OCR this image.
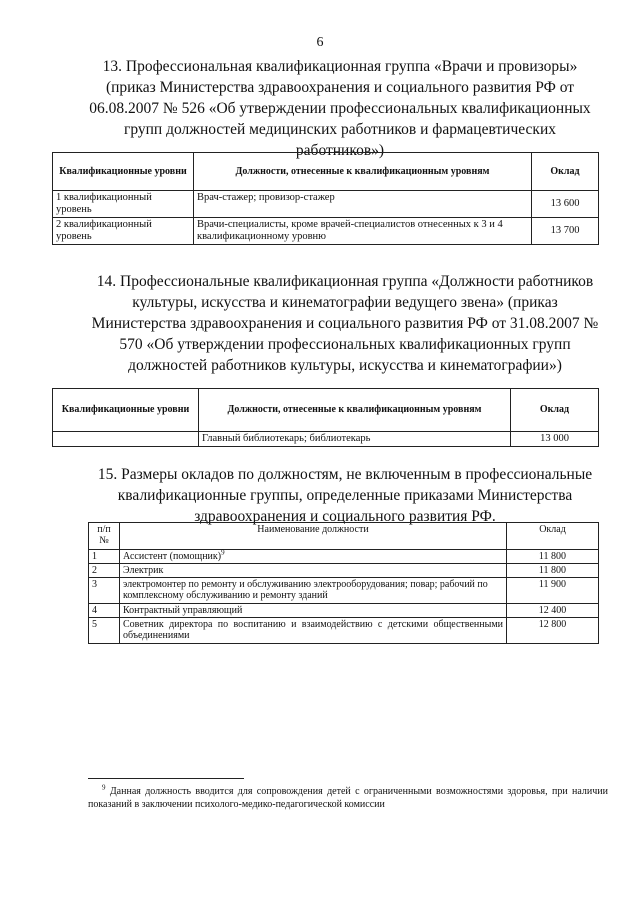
6
13. Профессиональная квалификационная группа «Врачи и провизоры» (приказ Министерства здравоохранения и социального развития РФ от 06.08.2007 № 526 «Об утверждении профессиональных квалификационных групп должностей медицинских работников и фармацевтических работников»)
Квалификационные уровни	Должности, отнесенные к квалификационным уровням	Оклад
1 квалификационный уровень	Врач-стажер; провизор-стажер	13 600
2 квалификационный уровень	Врачи-специалисты, кроме врачей-специалистов отнесенных к 3 и 4 квалификационному уровню	13 700
14. Профессиональные квалификационная группа «Должности работников культуры, искусства и кинематографии ведущего звена» (приказ Министерства здравоохранения и социального развития РФ от 31.08.2007 № 570 «Об утверждении профессиональных квалификационных групп должностей работников культуры, искусства и кинематографии»)
Квалификационные уровни	Должности, отнесенные к квалификационным уровням	Оклад
	Главный библиотекарь; библиотекарь	13 000
15. Размеры окладов по должностям, не включенным в профессиональные квалификационные группы, определенные приказами Министерства здравоохранения и социального развития РФ.
п/п №	Наименование должности	Оклад
1	Ассистент (помощник)$^9$	11 800
2	Электрик	11 800
3	электромонтер по ремонту и обслуживанию электрооборудования; повар; рабочий по комплексному обслуживанию и ремонту зданий	11 900
4	Контрактный управляющий	12 400
5	Советник директора по воспитанию и взаимодействию с детскими общественными объединениями	12 800
$^9$ Данная должность вводится для сопровождения детей с ограниченными возможностями здоровья, при наличии показаний в заключении психолого-медико-педагогической комиссии
